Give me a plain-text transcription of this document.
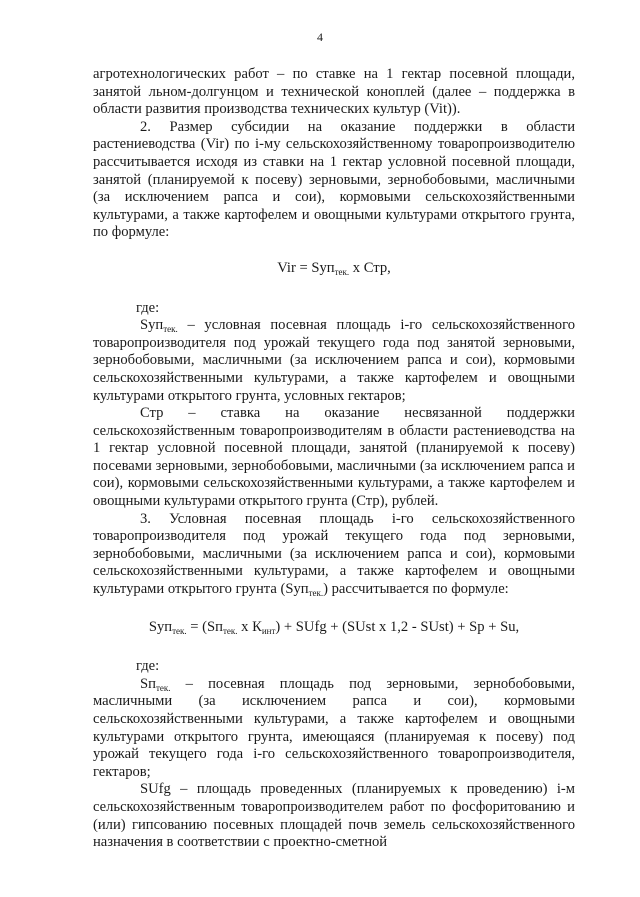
4

агротехнологических работ – по ставке на 1 гектар посевной площади, занятой льном-долгунцом и технической коноплей (далее – поддержка в области развития производства технических культур (Vit)).

2. Размер субсидии на оказание поддержки в области растениеводства (Vir) по i-му сельскохозяйственному товаропроизводителю рассчитывается исходя из ставки на 1 гектар условной посевной площади, занятой (планируемой к посеву) зерновыми, зернобобовыми, масличными (за исключением рапса и сои), кормовыми сельскохозяйственными культурами, а также картофелем и овощными культурами открытого грунта, по формуле:

Vir = Syп$_{тек.}$ х Стр,

где:

Syп$_{тек.}$ – условная посевная площадь i-го сельскохозяйственного товаропроизводителя под урожай текущего года под занятой зерновыми, зернобобовыми, масличными (за исключением рапса и сои), кормовыми сельскохозяйственными культурами, а также картофелем и овощными культурами открытого грунта, условных гектаров;

Стр – ставка на оказание несвязанной поддержки сельскохозяйственным товаропроизводителям в области растениеводства на 1 гектар условной посевной площади, занятой (планируемой к посеву) посевами зерновыми, зернобобовыми, масличными (за исключением рапса и сои), кормовыми сельскохозяйственными культурами, а также картофелем и овощными культурами открытого грунта (Стр), рублей.

3. Условная посевная площадь i-го сельскохозяйственного товаропроизводителя под урожай текущего года под зерновыми, зернобобовыми, масличными (за исключением рапса и сои), кормовыми сельскохозяйственными культурами, а также картофелем и овощными культурами открытого грунта (Syп$_{тек.}$) рассчитывается по формуле:

$Syп_{тек.} = (Sп_{тек.}$ х $К_{инт}$) + SUfg + (SUst х 1,2 - SUst) + Sp + Su,

где:

$Sп_{тек.}$ – посевная площадь под зерновыми, зернобобовыми, масличными (за исключением рапса и сои), кормовыми сельскохозяйственными культурами, а также картофелем и овощными культурами открытого грунта, имеющаяся (планируемая к посеву) под урожай текущего года i-го сельскохозяйственного товаропроизводителя, гектаров;

SUfg – площадь проведенных (планируемых к проведению) i-м сельскохозяйственным товаропроизводителем работ по фосфоритованию и (или) гипсованию посевных площадей почв земель сельскохозяйственного назначения в соответствии с проектно-сметной
